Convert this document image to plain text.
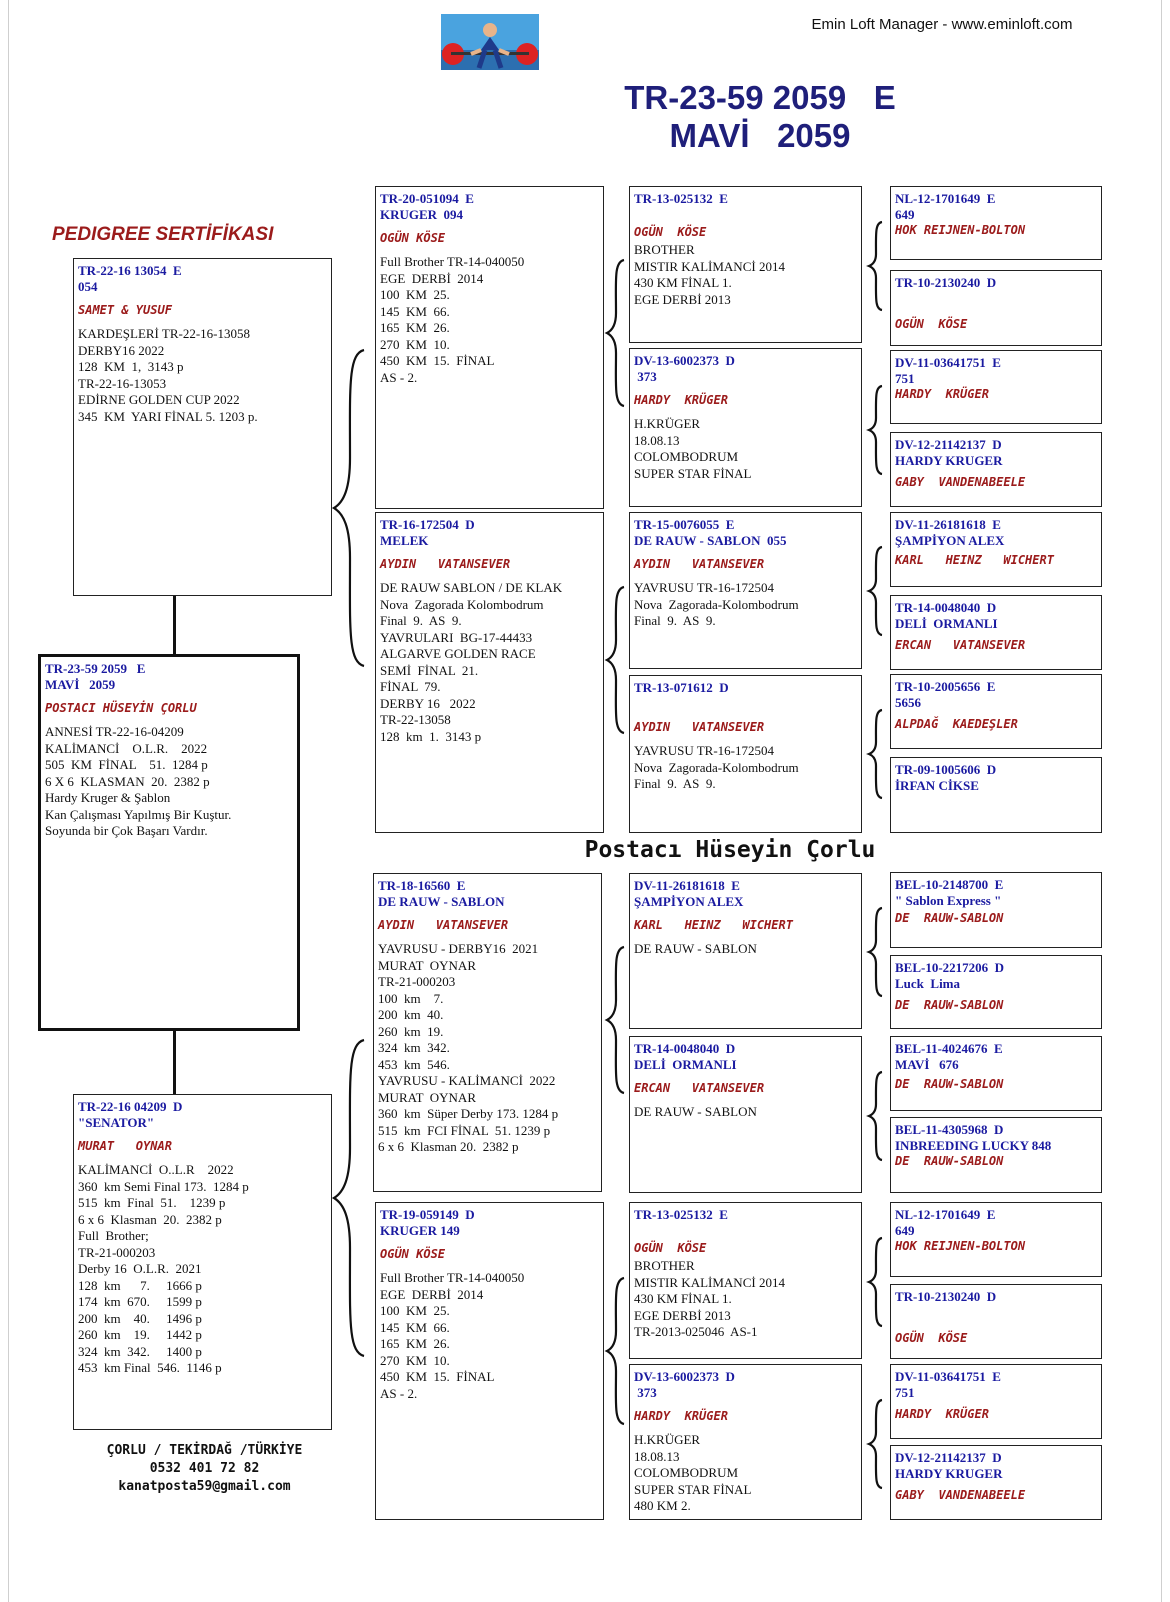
Emin Loft Manager - www.eminloft.com
TR-23-59 2059   E
MAVİ   2059
PEDIGREE SERTİFİKASI
Postacı Hüseyin Çorlu
ÇORLU / TEKİRDAĞ /TÜRKİYE
0532 401 72 82
kanatposta59@gmail.com
TR-23-59 2059   E
MAVİ   2059
POSTACI HÜSEYİN ÇORLU
ANNESİ TR-22-16-04209
KALİMANCİ    O.L.R.    2022
505  KM  FİNAL    51.  1284 p
6 X 6  KLASMAN  20.  2382 p
Hardy Kruger & Şablon
Kan Çalışması Yapılmış Bir Kuştur.
Soyunda bir Çok Başarı Vardır.
TR-22-16 13054  E
054
SAMET & YUSUF
KARDEŞLERİ TR-22-16-13058
DERBY16 2022
128  KM  1,  3143 p
TR-22-16-13053
EDİRNE GOLDEN CUP 2022
345  KM  YARI FİNAL 5. 1203 p.
TR-22-16 04209  D
"SENATOR"
MURAT   OYNAR
KALİMANCİ  O..L.R    2022
360  km Semi Final 173.  1284 p
515  km  Final  51.    1239 p
6 x 6  Klasman  20.  2382 p
Full  Brother;
TR-21-000203
Derby 16  O.L.R.  2021
128  km      7.     1666 p
174  km  670.     1599 p
200  km    40.     1496 p
260  km    19.     1442 p
324  km  342.     1400 p
453  km Final  546.  1146 p
TR-20-051094  E
KRUGER  094
OGÜN KÖSE
Full Brother TR-14-040050
EGE  DERBİ  2014
100  KM  25.
145  KM  66.
165  KM  26.
270  KM  10.
450  KM  15.  FİNAL
AS - 2.
TR-16-172504  D
MELEK
AYDIN   VATANSEVER
DE RAUW SABLON / DE KLAK
Nova  Zagorada Kolombodrum
Final  9.  AS  9.
YAVRULARI  BG-17-44433
ALGARVE GOLDEN RACE
SEMİ  FİNAL  21.
FİNAL  79.
DERBY 16   2022
TR-22-13058
128  km  1.  3143 p
TR-18-16560  E
DE RAUW - SABLON
AYDIN   VATANSEVER
YAVRUSU - DERBY16  2021
MURAT  OYNAR
TR-21-000203
100  km    7.
200  km  40.
260  km  19.
324  km  342.
453  km  546.
YAVRUSU - KALİMANCİ  2022
MURAT  OYNAR
360  km  Süper Derby 173. 1284 p
515  km  FCI FİNAL  51. 1239 p
6 x 6  Klasman 20.  2382 p
TR-19-059149  D
KRUGER 149
OGÜN KÖSE
Full Brother TR-14-040050
EGE  DERBİ  2014
100  KM  25.
145  KM  66.
165  KM  26.
270  KM  10.
450  KM  15.  FİNAL
AS - 2.
TR-13-025132  E
OGÜN  KÖSE
BROTHER
MISTIR KALİMANCİ 2014
430 KM FİNAL 1.
EGE DERBİ 2013
DV-13-6002373  D
373
HARDY  KRÜGER
H.KRÜGER
18.08.13
COLOMBODRUM
SUPER STAR FİNAL
TR-15-0076055  E
DE RAUW - SABLON  055
AYDIN   VATANSEVER
YAVRUSU TR-16-172504
Nova  Zagorada-Kolombodrum
Final  9.  AS  9.
TR-13-071612  D
AYDIN   VATANSEVER
YAVRUSU TR-16-172504
Nova  Zagorada-Kolombodrum
Final  9.  AS  9.
DV-11-26181618  E
ŞAMPİYON ALEX
KARL   HEINZ   WICHERT
DE RAUW - SABLON
TR-14-0048040  D
DELİ  ORMANLI
ERCAN   VATANSEVER
DE RAUW - SABLON
TR-13-025132  E
OGÜN  KÖSE
BROTHER
MISTIR KALİMANCİ 2014
430 KM FİNAL 1.
EGE DERBİ 2013
TR-2013-025046  AS-1
DV-13-6002373  D
373
HARDY  KRÜGER
H.KRÜGER
18.08.13
COLOMBODRUM
SUPER STAR FİNAL
480 KM 2.
NL-12-1701649  E
649
HOK REIJNEN-BOLTON
TR-10-2130240  D
OGÜN  KÖSE
DV-11-03641751  E
751
HARDY  KRÜGER
DV-12-21142137  D
HARDY KRUGER
GABY  VANDENABEELE
DV-11-26181618  E
ŞAMPİYON ALEX
KARL   HEINZ   WICHERT
TR-14-0048040  D
DELİ  ORMANLI
ERCAN   VATANSEVER
TR-10-2005656  E
5656
ALPDAĞ  KAEDEŞLER
TR-09-1005606  D
İRFAN CİKSE
BEL-10-2148700  E
" Sablon Express "
DE  RAUW-SABLON
BEL-10-2217206  D
Luck  Lima
DE  RAUW-SABLON
BEL-11-4024676  E
MAVİ   676
DE  RAUW-SABLON
BEL-11-4305968  D
INBREEDING LUCKY 848
DE  RAUW-SABLON
NL-12-1701649  E
649
HOK REIJNEN-BOLTON
TR-10-2130240  D
OGÜN  KÖSE
DV-11-03641751  E
751
HARDY  KRÜGER
DV-12-21142137  D
HARDY KRUGER
GABY  VANDENABEELE
